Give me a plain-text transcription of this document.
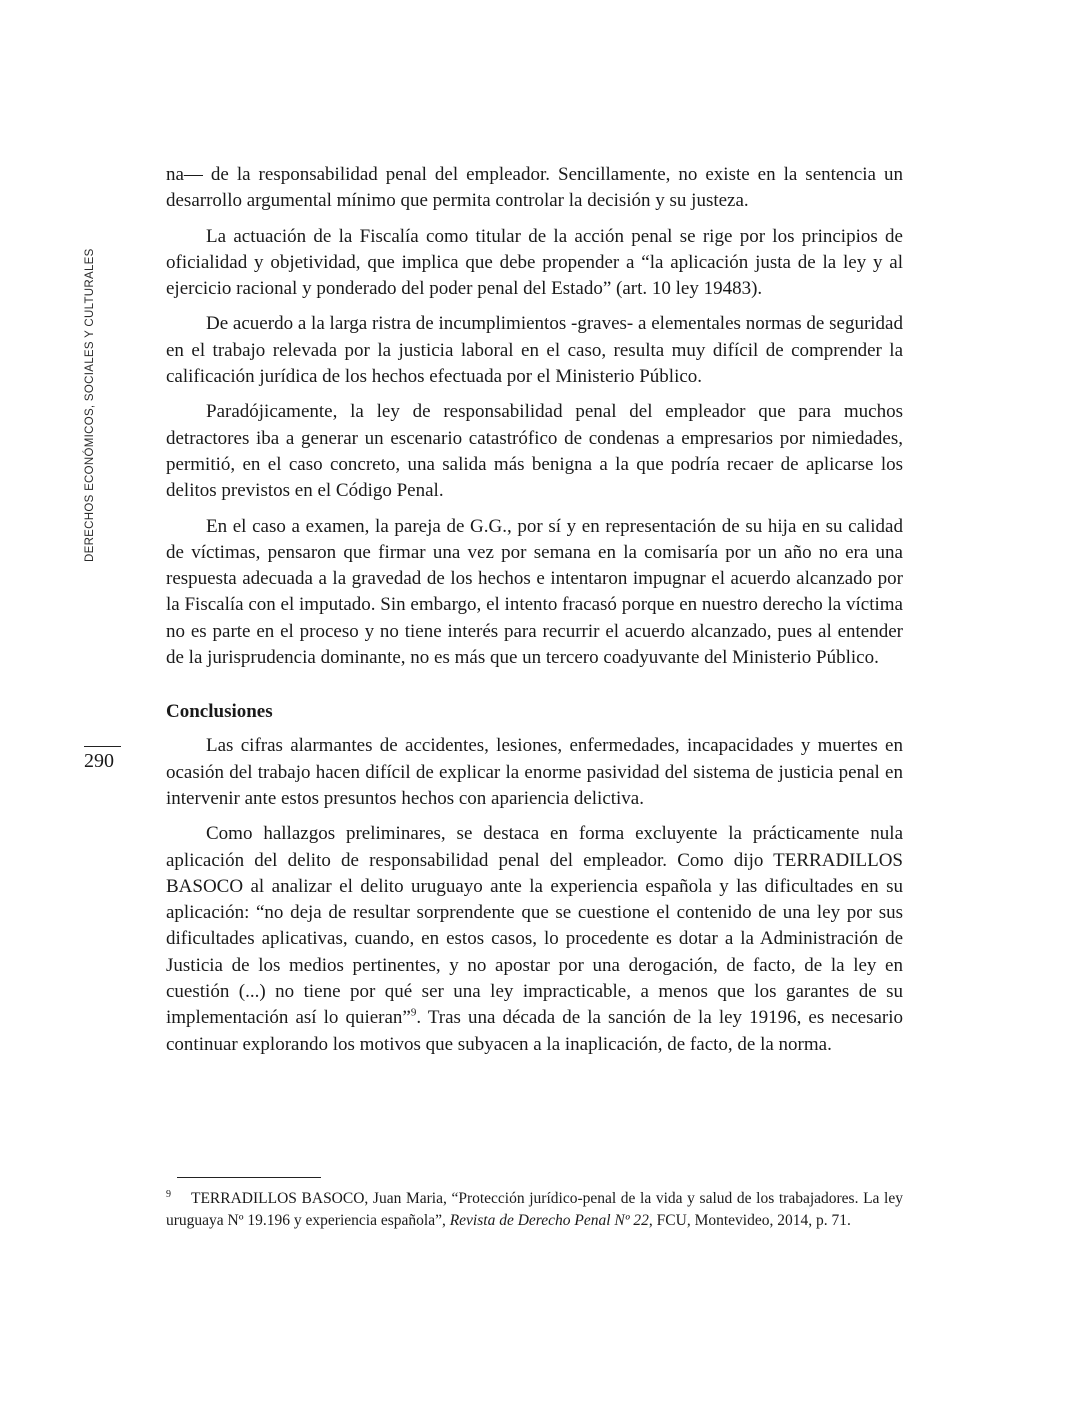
DERECHOS ECONÓMICOS, SOCIALES Y CULTURALES
290

na— de la responsabilidad penal del empleador. Sencillamente, no existe en la sentencia un desarrollo argumental mínimo que permita controlar la decisión y su justeza.

La actuación de la Fiscalía como titular de la acción penal se rige por los principios de oficialidad y objetividad, que implica que debe propender a “la aplicación justa de la ley y al ejercicio racional y ponderado del poder penal del Estado” (art. 10 ley 19483).

De acuerdo a la larga ristra de incumplimientos -graves- a elementales normas de seguridad en el trabajo relevada por la justicia laboral en el caso, resulta muy difícil de comprender la calificación jurídica de los hechos efectuada por el Ministerio Público.

Paradójicamente, la ley de responsabilidad penal del empleador que para muchos detractores iba a generar un escenario catastrófico de condenas a empresarios por nimiedades, permitió, en el caso concreto, una salida más benigna a la que podría recaer de aplicarse los delitos previstos en el Código Penal.

En el caso a examen, la pareja de G.G., por sí y en representación de su hija en su calidad de víctimas, pensaron que firmar una vez por semana en la comisaría por un año no era una respuesta adecuada a la gravedad de los hechos e intentaron impugnar el acuerdo alcanzado por la Fiscalía con el imputado. Sin embargo, el intento fracasó porque en nuestro derecho la víctima no es parte en el proceso y no tiene interés para recurrir el acuerdo alcanzado, pues al entender de la jurisprudencia dominante, no es más que un tercero coadyuvante del Ministerio Público.

Conclusiones

Las cifras alarmantes de accidentes, lesiones, enfermedades, incapacidades y muertes en ocasión del trabajo hacen difícil de explicar la enorme pasividad del sistema de justicia penal en intervenir ante estos presuntos hechos con apariencia delictiva.

Como hallazgos preliminares, se destaca en forma excluyente la prácticamente nula aplicación del delito de responsabilidad penal del empleador. Como dijo TERRADILLOS BASOCO al analizar el delito uruguayo ante la experiencia española y las dificultades en su aplicación: “no deja de resultar sorprendente que se cuestione el contenido de una ley por sus dificultades aplicativas, cuando, en estos casos, lo procedente es dotar a la Administración de Justicia de los medios pertinentes, y no apostar por una derogación, de facto, de la ley en cuestión (...) no tiene por qué ser una ley impracticable, a menos que los garantes de su implementación así lo quieran”$^9$. Tras una década de la sanción de la ley 19196, es necesario continuar explorando los motivos que subyacen a la inaplicación, de facto, de la norma.

$^9$ TERRADILLOS BASOCO, Juan Maria, “Protección jurídico-penal de la vida y salud de los trabajadores. La ley uruguaya Nº 19.196 y experiencia española”, Revista de Derecho Penal Nº 22, FCU, Montevideo, 2014, p. 71.
